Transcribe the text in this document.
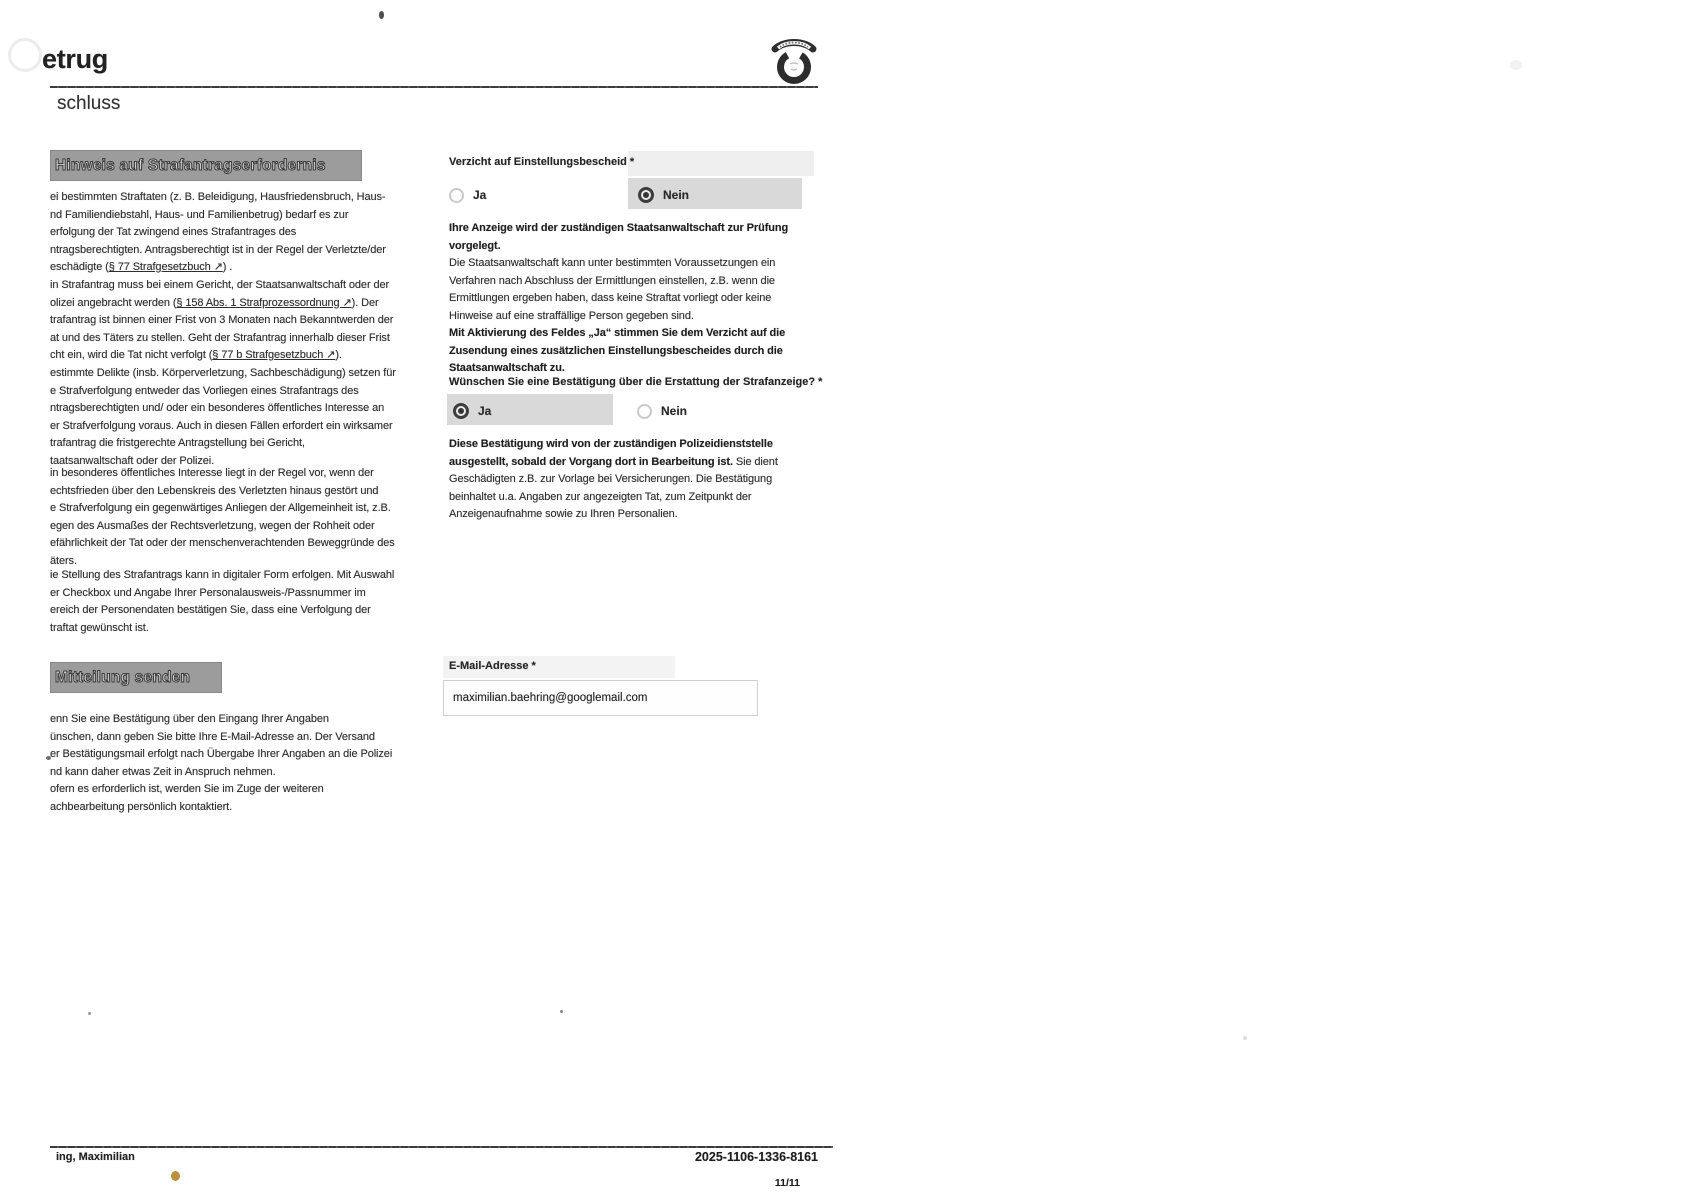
etrug
schluss
Hinweis auf Strafantragserfordernis
ei bestimmten Straftaten (z. B. Beleidigung, Hausfriedensbruch, Haus-
nd Familiendiebstahl, Haus- und Familienbetrug) bedarf es zur
erfolgung der Tat zwingend eines Strafantrages des
ntragsberechtigten. Antragsberechtigt ist in der Regel der Verletzte/der
eschädigte (§ 77 Strafgesetzbuch ↗) .
in Strafantrag muss bei einem Gericht, der Staatsanwaltschaft oder der
olizei angebracht werden (§ 158 Abs. 1 Strafprozessordnung ↗). Der
trafantrag ist binnen einer Frist von 3 Monaten nach Bekanntwerden der
at und des Täters zu stellen. Geht der Strafantrag innerhalb dieser Frist
cht ein, wird die Tat nicht verfolgt (§ 77 b Strafgesetzbuch ↗).
estimmte Delikte (insb. Körperverletzung, Sachbeschädigung) setzen für
e Strafverfolgung entweder das Vorliegen eines Strafantrags des
ntragsberechtigten und/ oder ein besonderes öffentliches Interesse an
er Strafverfolgung voraus. Auch in diesen Fällen erfordert ein wirksamer
trafantrag die fristgerechte Antragstellung bei Gericht,
taatsanwaltschaft oder der Polizei.
in besonderes öffentliches Interesse liegt in der Regel vor, wenn der
echtsfrieden über den Lebenskreis des Verletzten hinaus gestört und
e Strafverfolgung ein gegenwärtiges Anliegen der Allgemeinheit ist, z.B.
egen des Ausmaßes der Rechtsverletzung, wegen der Rohheit oder
efährlichkeit der Tat oder der menschenverachtenden Beweggründe des
äters.
ie Stellung des Strafantrags kann in digitaler Form erfolgen. Mit Auswahl
er Checkbox und Angabe Ihrer Personalausweis-/Passnummer im
ereich der Personendaten bestätigen Sie, dass eine Verfolgung der
traftat gewünscht ist.
Mitteilung senden
enn Sie eine Bestätigung über den Eingang Ihrer Angaben
ünschen, dann geben Sie bitte Ihre E-Mail-Adresse an. Der Versand
er Bestätigungsmail erfolgt nach Übergabe Ihrer Angaben an die Polizei
nd kann daher etwas Zeit in Anspruch nehmen.
ofern es erforderlich ist, werden Sie im Zuge der weiteren
achbearbeitung persönlich kontaktiert.
Verzicht auf Einstellungsbescheid *
Ja	Nein
Ihre Anzeige wird der zuständigen Staatsanwaltschaft zur Prüfung
vorgelegt.
Die Staatsanwaltschaft kann unter bestimmten Voraussetzungen ein
Verfahren nach Abschluss der Ermittlungen einstellen, z.B. wenn die
Ermittlungen ergeben haben, dass keine Straftat vorliegt oder keine
Hinweise auf eine straffällige Person gegeben sind.
Mit Aktivierung des Feldes „Ja“ stimmen Sie dem Verzicht auf die
Zusendung eines zusätzlichen Einstellungsbescheides durch die
Staatsanwaltschaft zu.
Wünschen Sie eine Bestätigung über die Erstattung der Strafanzeige? *
Ja	Nein
Diese Bestätigung wird von der zuständigen Polizeidienststelle
ausgestellt, sobald der Vorgang dort in Bearbeitung ist. Sie dient
Geschädigten z.B. zur Vorlage bei Versicherungen. Die Bestätigung
beinhaltet u.a. Angaben zur angezeigten Tat, zum Zeitpunkt der
Anzeigenaufnahme sowie zu Ihren Personalien.
E-Mail-Adresse *
maximilian.baehring@googlemail.com
ing, Maximilian	2025-1106-1336-8161
11/11
